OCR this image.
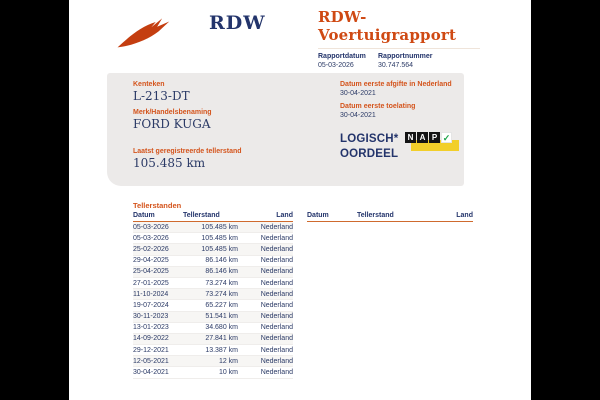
RDW	RDW-Voertuigrapport
Rapportdatum
05-03-2026
Rapportnummer
30.747.564
Kenteken
L-213-DT
Merk/Handelsbenaming
FORD KUGA
Laatst geregistreerde tellerstand
105.485 km
Datum eerste afgifte in Nederland
30-04-2021
Datum eerste toelating
30-04-2021
LOGISCH*
OORDEEL
N A P ✓
Tellerstanden
Datum	Tellerstand	Land
05-03-2026	105.485 km	Nederland
05-03-2026	105.485 km	Nederland
25-02-2026	105.485 km	Nederland
29-04-2025	86.146 km	Nederland
25-04-2025	86.146 km	Nederland
27-01-2025	73.274 km	Nederland
11-10-2024	73.274 km	Nederland
19-07-2024	65.227 km	Nederland
30-11-2023	51.541 km	Nederland
13-01-2023	34.680 km	Nederland
14-09-2022	27.841 km	Nederland
29-12-2021	13.387 km	Nederland
12-05-2021	12 km	Nederland
30-04-2021	10 km	Nederland
Datum	Tellerstand	Land
